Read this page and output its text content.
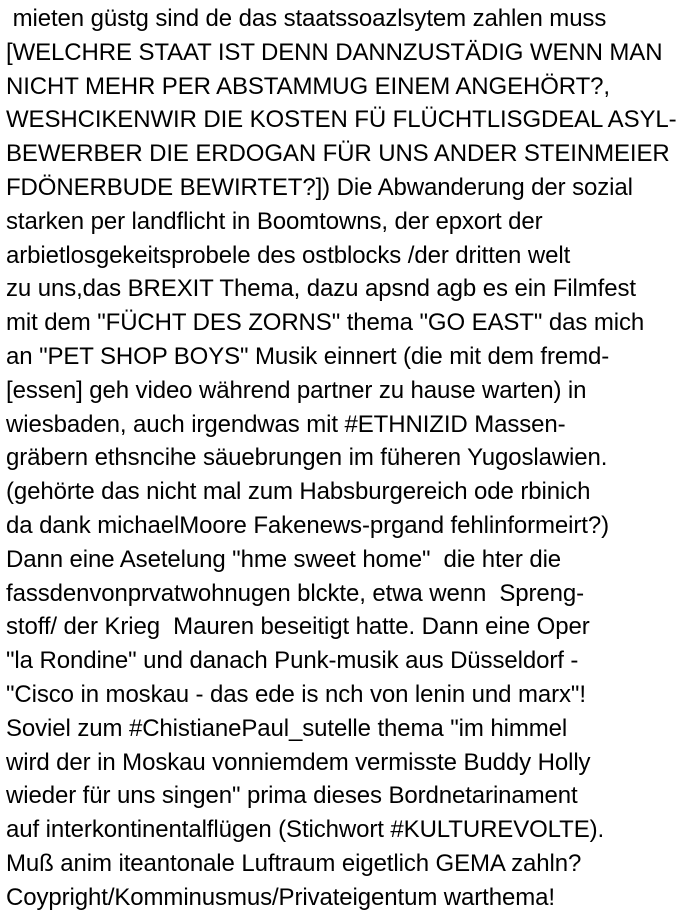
mieten güstg sind de das staatssoazlsytem zahlen muss
[WELCHRE STAAT IST DENN DANNZUSTÄDIG WENN MAN
NICHT MEHR PER ABSTAMMUG EINEM ANGEHÖRT?,
WESHCIKENWIR DIE KOSTEN FÜ FLÜCHTLISGDEAL ASYL-
BEWERBER DIE ERDOGAN FÜR UNS ANDER STEINMEIER
FDÖNERBUDE BEWIRTET?]) Die Abwanderung der sozial
starken per landflicht in Boomtowns, der epxort der
arbietlosgekeitsprobele des ostblocks /der dritten welt
zu uns,das BREXIT Thema, dazu apsnd agb es ein Filmfest
mit dem "FÜCHT DES ZORNS" thema "GO EAST" das mich
an "PET SHOP BOYS" Musik einnert (die mit dem fremd-
[essen] geh video während partner zu hause warten) in
wiesbaden, auch irgendwas mit #ETHNIZID Massen-
gräbern ethsncihe säuebrungen im füheren Yugoslawien.
(gehörte das nicht mal zum Habsburgereich ode rbinich
da dank michaelMoore Fakenews-prgand fehlinformeirt?)
Dann eine Asetelung "hme sweet home"  die hter die
fassdenvonprvatwohnugen blckte, etwa wenn  Spreng-
stoff/ der Krieg  Mauren beseitigt hatte. Dann eine Oper
"la Rondine" und danach Punk-musik aus Düsseldorf -
"Cisco in moskau - das ede is nch von lenin und marx"!
Soviel zum #ChistianePaul_sutelle thema "im himmel
wird der in Moskau vonniemdem vermisste Buddy Holly
wieder für uns singen" prima dieses Bordnetarinament
auf interkontinentalflügen (Stichwort #KULTUREVOLTE).
Muß anim iteantonale Luftraum eigetlich GEMA zahln?
Coypright/Komminusmus/Privateigentum warthema!
